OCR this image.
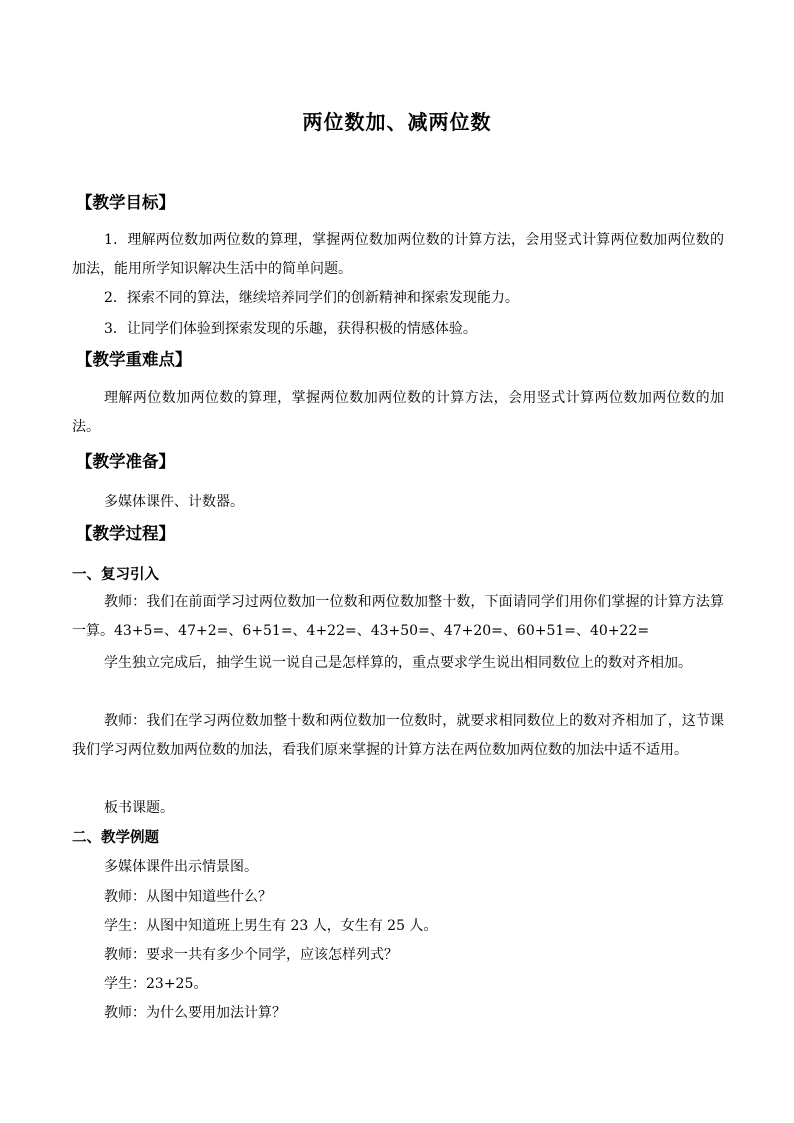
两位数加、减两位数
【教学目标】
1．理解两位数加两位数的算理，掌握两位数加两位数的计算方法，会用竖式计算两位数加两位数的加法，能用所学知识解决生活中的简单问题。
2．探索不同的算法，继续培养同学们的创新精神和探索发现能力。
3．让同学们体验到探索发现的乐趣，获得积极的情感体验。
【教学重难点】
理解两位数加两位数的算理，掌握两位数加两位数的计算方法，会用竖式计算两位数加两位数的加法。
【教学准备】
多媒体课件、计数器。
【教学过程】
一、复习引入
教师：我们在前面学习过两位数加一位数和两位数加整十数，下面请同学们用你们掌握的计算方法算一算。43+5=、47+2=、6+51=、4+22=、43+50=、47+20=、60+51=、40+22=
学生独立完成后，抽学生说一说自己是怎样算的，重点要求学生说出相同数位上的数对齐相加。
教师：我们在学习两位数加整十数和两位数加一位数时，就要求相同数位上的数对齐相加了，这节课我们学习两位数加两位数的加法，看我们原来掌握的计算方法在两位数加两位数的加法中适不适用。
板书课题。
二、教学例题
多媒体课件出示情景图。
教师：从图中知道些什么？
学生：从图中知道班上男生有 23 人，女生有 25 人。
教师：要求一共有多少个同学，应该怎样列式？
学生：23+25。
教师：为什么要用加法计算？
